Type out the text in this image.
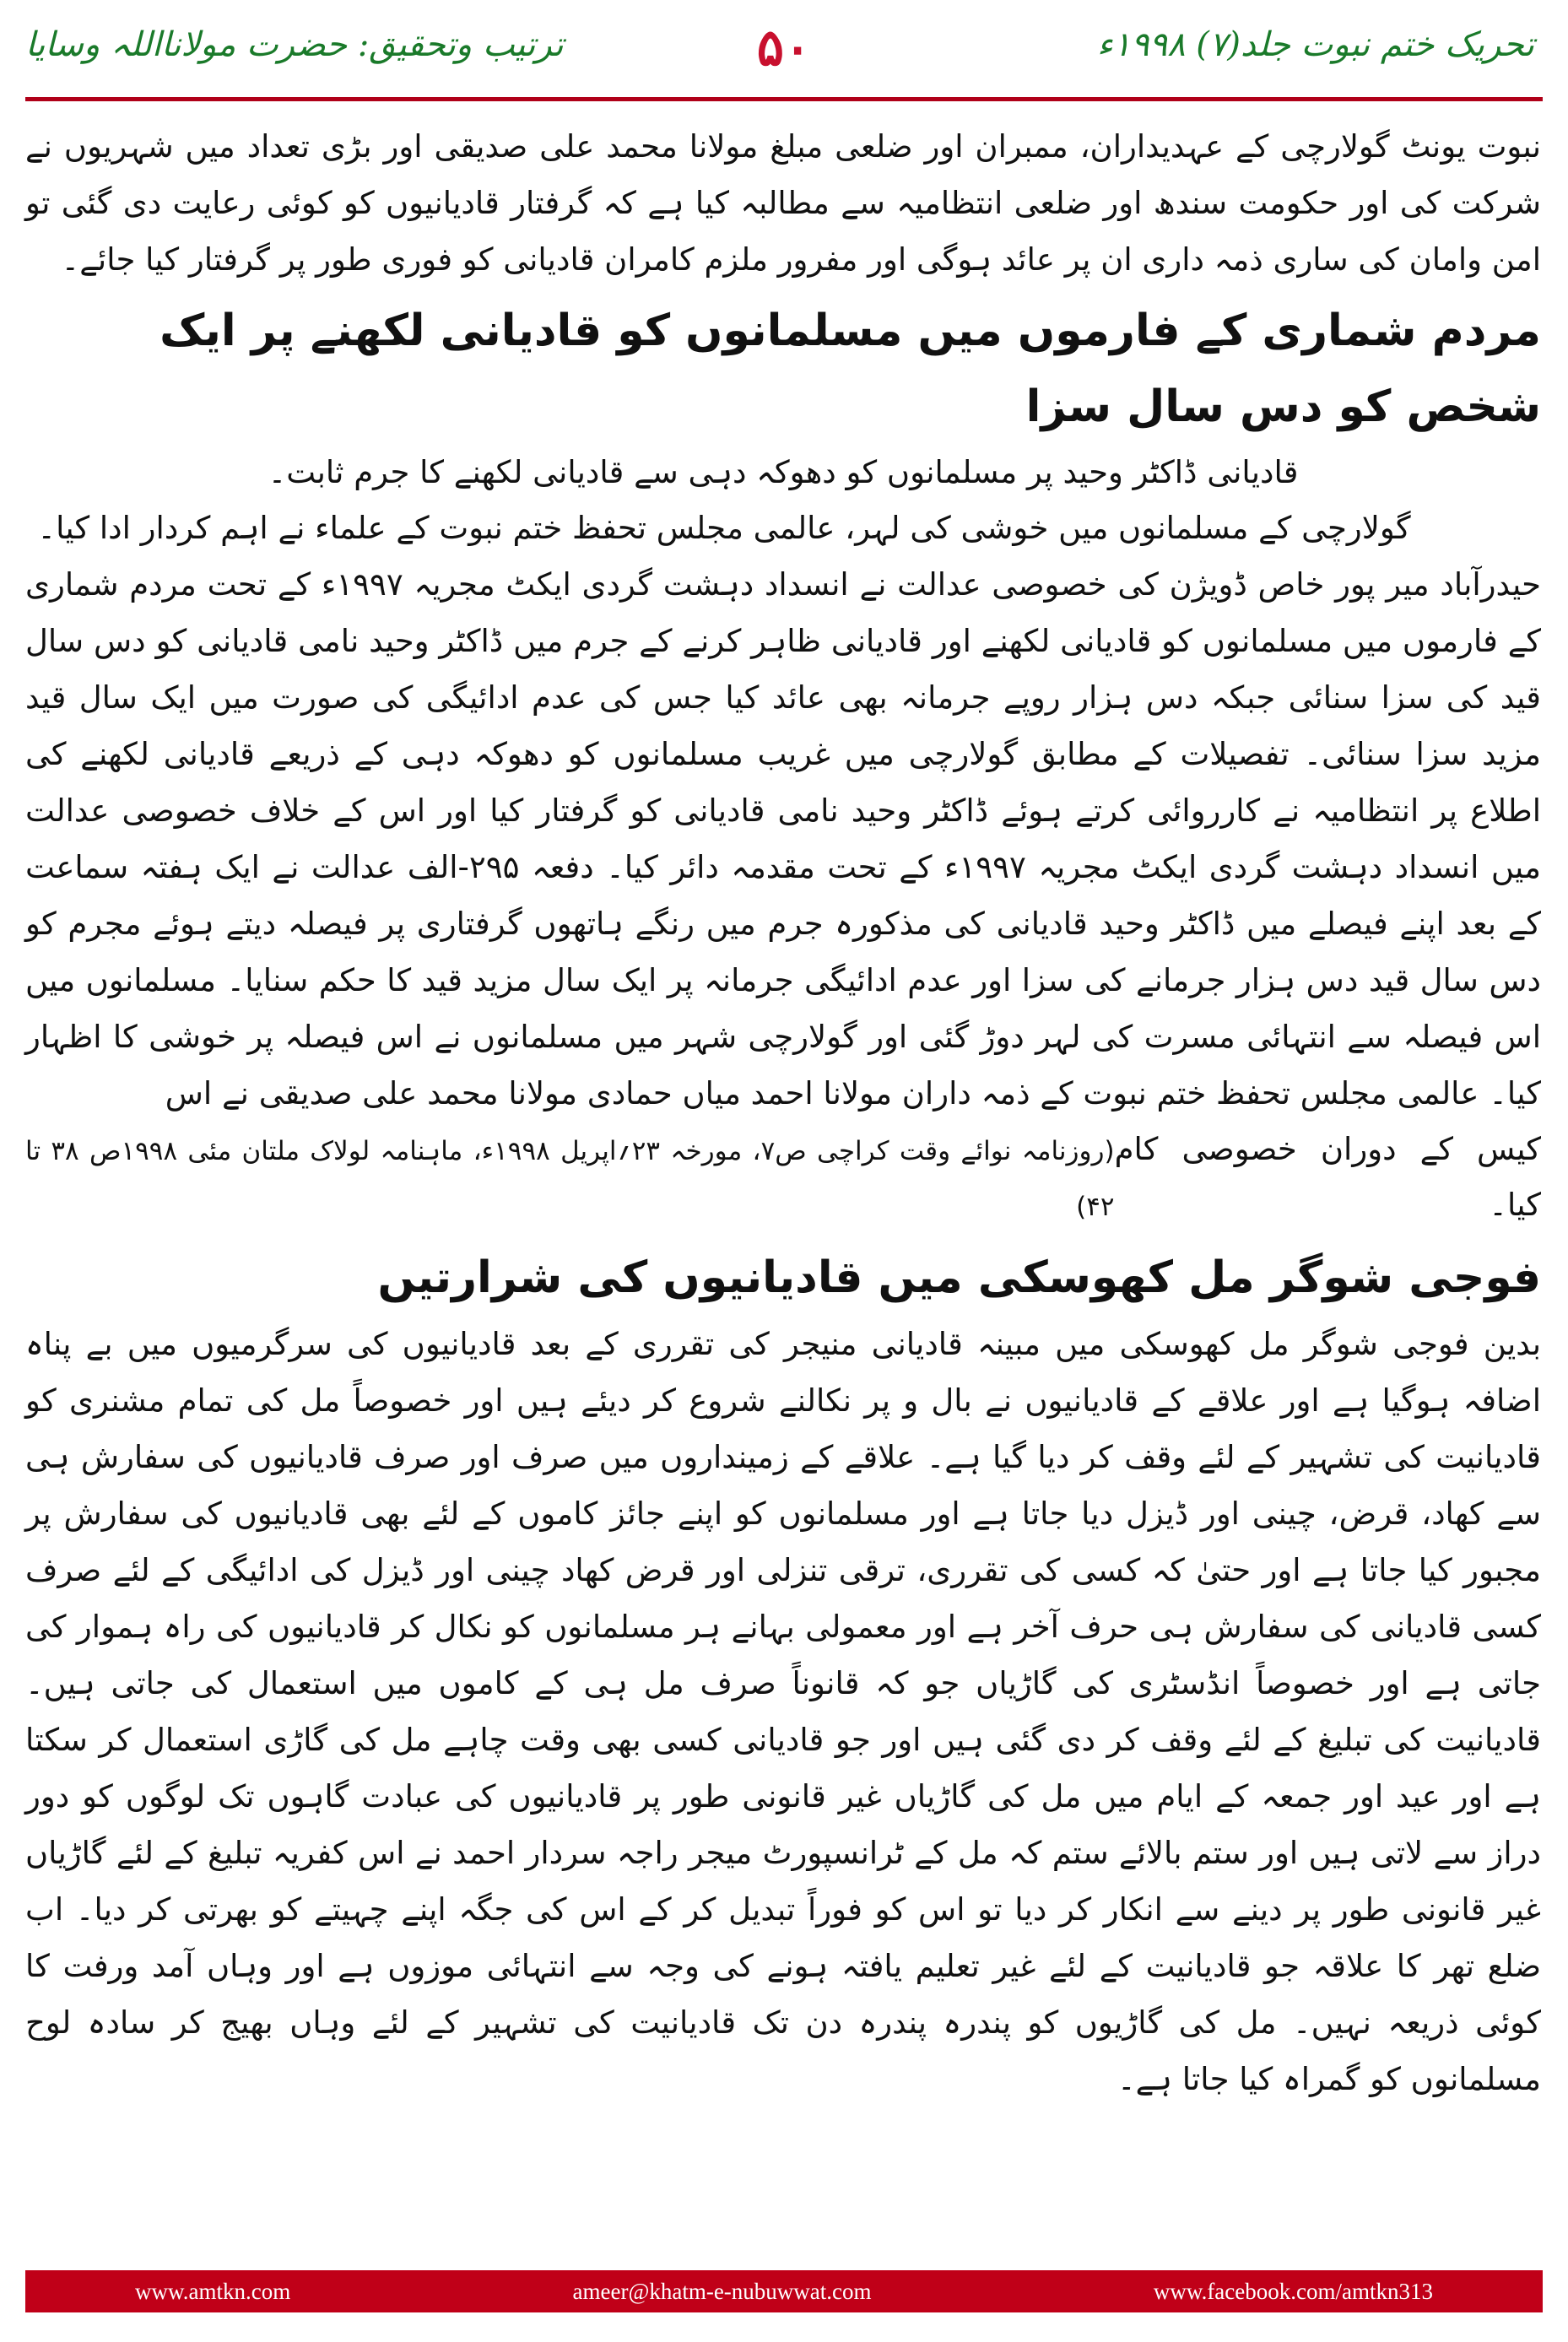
تحریک ختم نبوت جلد(۷) ۱۹۹۸ء
۵۰
ترتیب وتحقیق: حضرت مولانااللہ وسایا

نبوت یونٹ گولارچی کے عہدیداران، ممبران اور ضلعی مبلغ مولانا محمد علی صدیقی اور بڑی تعداد میں شہریوں نے شرکت کی اور حکومت سندھ اور ضلعی انتظامیہ سے مطالبہ کیا ہے کہ گرفتار قادیانیوں کو کوئی رعایت دی گئی تو امن وامان کی ساری ذمہ داری ان پر عائد ہوگی اور مفرور ملزم کامران قادیانی کو فوری طور پر گرفتار کیا جائے۔

مردم شماری کے فارموں میں مسلمانوں کو قادیانی لکھنے پر ایک شخص کو دس سال سزا

قادیانی ڈاکٹر وحید پر مسلمانوں کو دھوکہ دہی سے قادیانی لکھنے کا جرم ثابت۔

گولارچی کے مسلمانوں میں خوشی کی لہر، عالمی مجلس تحفظ ختم نبوت کے علماء نے اہم کردار ادا کیا۔

حیدرآباد میر پور خاص ڈویژن کی خصوصی عدالت نے انسداد دہشت گردی ایکٹ مجریہ ۱۹۹۷ء کے تحت مردم شماری کے فارموں میں مسلمانوں کو قادیانی لکھنے اور قادیانی ظاہر کرنے کے جرم میں ڈاکٹر وحید نامی قادیانی کو دس سال قید کی سزا سنائی جبکہ دس ہزار روپے جرمانہ بھی عائد کیا جس کی عدم ادائیگی کی صورت میں ایک سال قید مزید سزا سنائی۔ تفصیلات کے مطابق گولارچی میں غریب مسلمانوں کو دھوکہ دہی کے ذریعے قادیانی لکھنے کی اطلاع پر انتظامیہ نے کارروائی کرتے ہوئے ڈاکٹر وحید نامی قادیانی کو گرفتار کیا اور اس کے خلاف خصوصی عدالت میں انسداد دہشت گردی ایکٹ مجریہ ۱۹۹۷ء کے تحت مقدمہ دائر کیا۔ دفعہ ۲۹۵-الف عدالت نے ایک ہفتہ سماعت کے بعد اپنے فیصلے میں ڈاکٹر وحید قادیانی کی مذکورہ جرم میں رنگے ہاتھوں گرفتاری پر فیصلہ دیتے ہوئے مجرم کو دس سال قید دس ہزار جرمانے کی سزا اور عدم ادائیگی جرمانہ پر ایک سال مزید قید کا حکم سنایا۔ مسلمانوں میں اس فیصلہ سے انتہائی مسرت کی لہر دوڑ گئی اور گولارچی شہر میں مسلمانوں نے اس فیصلہ پر خوشی کا اظہار کیا۔ عالمی مجلس تحفظ ختم نبوت کے ذمہ داران مولانا احمد میاں حمادی مولانا محمد علی صدیقی نے اس

کیس کے دوران خصوصی کام کیا۔
(روزنامہ نوائے وقت کراچی ص۷، مورخہ ۲۳؍اپریل ۱۹۹۸ء، ماہنامہ لولاک ملتان مئی ۱۹۹۸ص ۳۸ تا ۴۲)
فوجی شوگر مل کھوسکی میں قادیانیوں کی شرارتیں

بدین فوجی شوگر مل کھوسکی میں مبینہ قادیانی منیجر کی تقرری کے بعد قادیانیوں کی سرگرمیوں میں بے پناہ اضافہ ہوگیا ہے اور علاقے کے قادیانیوں نے بال و پر نکالنے شروع کر دیئے ہیں اور خصوصاً مل کی تمام مشنری کو قادیانیت کی تشہیر کے لئے وقف کر دیا گیا ہے۔ علاقے کے زمینداروں میں صرف اور صرف قادیانیوں کی سفارش ہی سے کھاد، قرض، چینی اور ڈیزل دیا جاتا ہے اور مسلمانوں کو اپنے جائز کاموں کے لئے بھی قادیانیوں کی سفارش پر مجبور کیا جاتا ہے اور حتیٰ کہ کسی کی تقرری، ترقی تنزلی اور قرض کھاد چینی اور ڈیزل کی ادائیگی کے لئے صرف کسی قادیانی کی سفارش ہی حرف آخر ہے اور معمولی بہانے ہر مسلمانوں کو نکال کر قادیانیوں کی راہ ہموار کی جاتی ہے اور خصوصاً انڈسٹری کی گاڑیاں جو کہ قانوناً صرف مل ہی کے کاموں میں استعمال کی جاتی ہیں۔ قادیانیت کی تبلیغ کے لئے وقف کر دی گئی ہیں اور جو قادیانی کسی بھی وقت چاہے مل کی گاڑی استعمال کر سکتا ہے اور عید اور جمعہ کے ایام میں مل کی گاڑیاں غیر قانونی طور پر قادیانیوں کی عبادت گاہوں تک لوگوں کو دور دراز سے لاتی ہیں اور ستم بالائے ستم کہ مل کے ٹرانسپورٹ میجر راجہ سردار احمد نے اس کفریہ تبلیغ کے لئے گاڑیاں غیر قانونی طور پر دینے سے انکار کر دیا تو اس کو فوراً تبدیل کر کے اس کی جگہ اپنے چہیتے کو بھرتی کر دیا۔ اب ضلع تھر کا علاقہ جو قادیانیت کے لئے غیر تعلیم یافتہ ہونے کی وجہ سے انتہائی موزوں ہے اور وہاں آمد ورفت کا کوئی ذریعہ نہیں۔ مل کی گاڑیوں کو پندرہ پندرہ دن تک قادیانیت کی تشہیر کے لئے وہاں بھیج کر سادہ لوح مسلمانوں کو گمراہ کیا جاتا ہے۔

www.amtkn.com	ameer@khatm-e-nubuwwat.com	www.facebook.com/amtkn313
